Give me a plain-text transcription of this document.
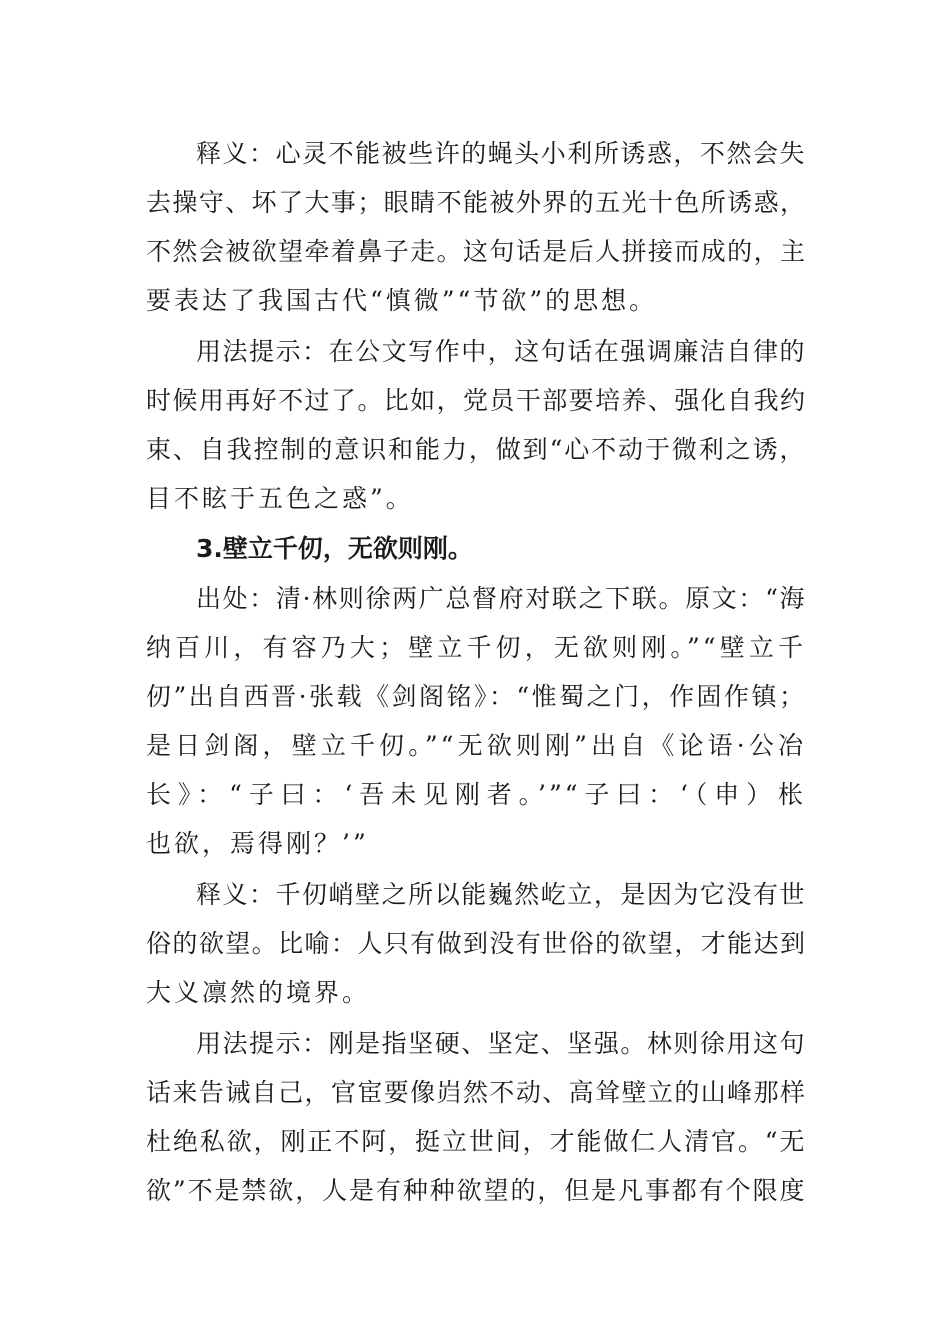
释义：心灵不能被些许的蝇头小利所诱惑，不然会失
去操守、坏了大事；眼睛不能被外界的五光十色所诱惑，
不然会被欲望牵着鼻子走。这句话是后人拼接而成的，主
要表达了我国古代“慎微”“节欲”的思想。
用法提示：在公文写作中，这句话在强调廉洁自律的
时候用再好不过了。比如，党员干部要培养、强化自我约
束、自我控制的意识和能力，做到“心不动于微利之诱，
目不眩于五色之惑”。
3.壁立千仞，无欲则刚。
出处：清·林则徐两广总督府对联之下联。原文：“海
纳百川，有容乃大；壁立千仞，无欲则刚。”“壁立千
仞”出自西晋·张载《剑阁铭》：“惟蜀之门，作固作镇；
是日剑阁，壁立千仞。”“无欲则刚”出自《论语·公冶
长》：“子曰：‘吾未见刚者。’”“子曰：‘（申）枨
也欲，焉得刚？’”
释义：千仞峭壁之所以能巍然屹立，是因为它没有世
俗的欲望。比喻：人只有做到没有世俗的欲望，才能达到
大义凛然的境界。
用法提示：刚是指坚硬、坚定、坚强。林则徐用这句
话来告诫自己，官宦要像岿然不动、高耸壁立的山峰那样
杜绝私欲，刚正不阿，挺立世间，才能做仁人清官。“无
欲”不是禁欲，人是有种种欲望的，但是凡事都有个限度
